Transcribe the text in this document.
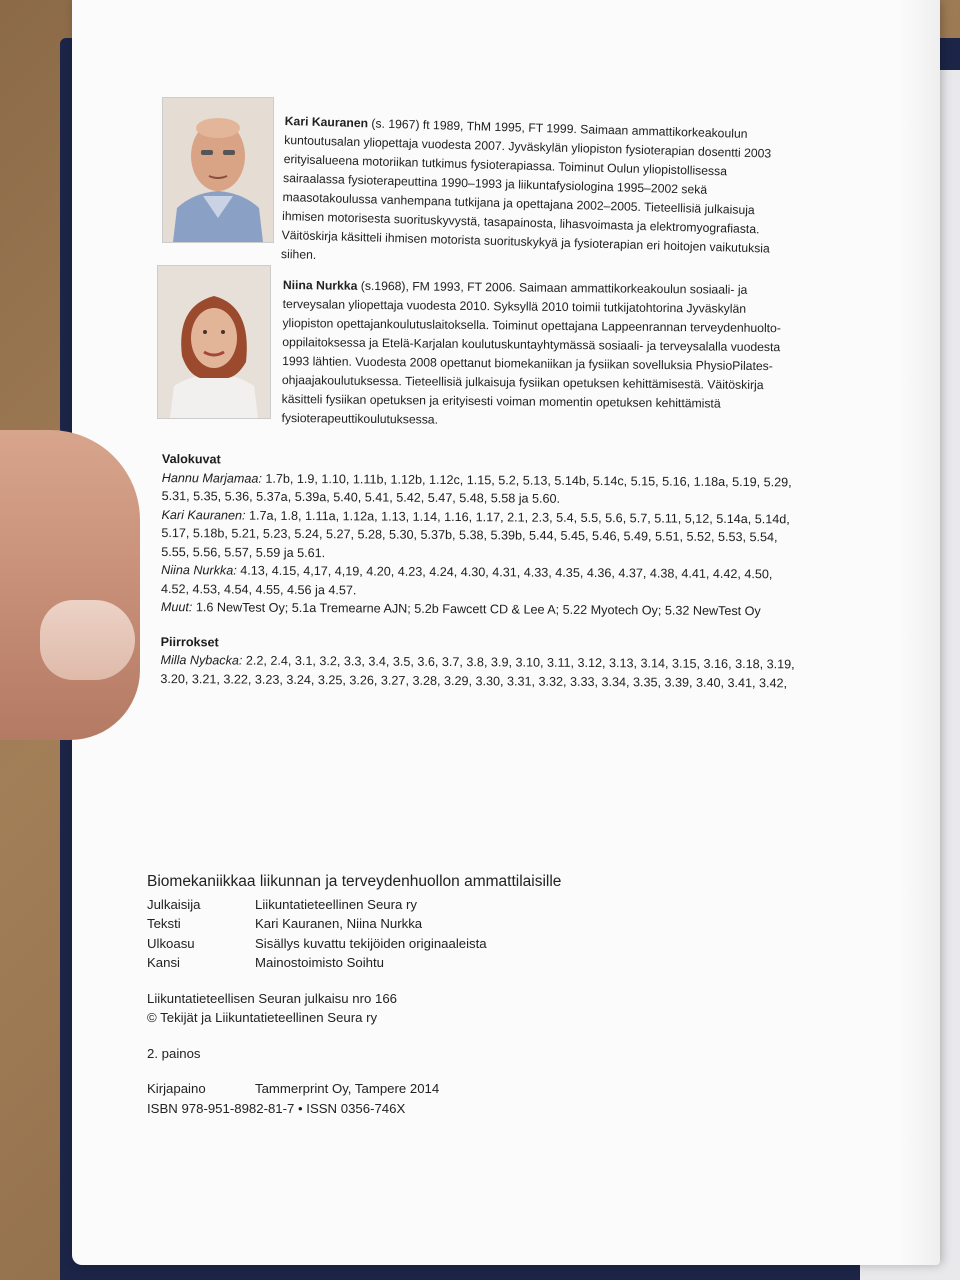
Kari Kauranen (s. 1967) ft 1989, ThM 1995, FT 1999. Saimaan ammattikorkeakoulun kuntoutusalan yliopettaja vuodesta 2007. Jyväskylän yliopiston fysioterapian dosentti 2003 erityisalueena motoriikan tutkimus fysioterapiassa. Toiminut Oulun yliopistollisessa sairaalassa fysioterapeuttina 1990–1993 ja liikuntafysiologina 1995–2002 sekä maasotakoulussa vanhempana tutkijana ja opettajana 2002–2005. Tieteellisiä julkaisuja ihmisen motorisesta suorituskyvystä, tasapainosta, lihasvoimasta ja elektromyografiasta. Väitöskirja käsitteli ihmisen motorista suorituskykyä ja fysioterapian eri hoitojen vaikutuksia siihen.
Niina Nurkka (s.1968), FM 1993, FT 2006. Saimaan ammattikorkeakoulun sosiaali- ja terveysalan yliopettaja vuodesta 2010. Syksyllä 2010 toimii tutkijatohtorina Jyväskylän yliopiston opettajankoulutuslaitoksella. Toiminut opettajana Lappeenrannan terveydenhuolto-oppilaitoksessa ja Etelä-Karjalan koulutuskuntayhtymässä sosiaali- ja terveysalalla vuodesta 1993 lähtien. Vuodesta 2008 opettanut biomekaniikan ja fysiikan sovelluksia PhysioPilates-ohjaajakoulutuksessa. Tieteellisiä julkaisuja fysiikan opetuksen kehittämisestä. Väitöskirja käsitteli fysiikan opetuksen ja erityisesti voiman momentin opetuksen kehittämistä fysioterapeuttikoulutuksessa.
Valokuvat
Hannu Marjamaa: 1.7b, 1.9, 1.10, 1.11b, 1.12b, 1.12c, 1.15, 5.2, 5.13, 5.14b, 5.14c, 5.15, 5.16, 1.18a, 5.19, 5.29, 5.31, 5.35, 5.36, 5.37a, 5.39a, 5.40, 5.41, 5.42, 5.47, 5.48, 5.58 ja 5.60.
Kari Kauranen: 1.7a, 1.8, 1.11a, 1.12a, 1.13, 1.14, 1.16, 1.17, 2.1, 2.3, 5.4, 5.5, 5.6, 5.7, 5.11, 5,12, 5.14a, 5.14d, 5.17, 5.18b, 5.21, 5.23, 5.24, 5.27, 5.28, 5.30, 5.37b, 5.38, 5.39b, 5.44, 5.45, 5.46, 5.49, 5.51, 5.52, 5.53, 5.54, 5.55, 5.56, 5.57, 5.59 ja 5.61.
Niina Nurkka: 4.13, 4.15, 4,17, 4,19, 4.20, 4.23, 4.24, 4.30, 4.31, 4.33, 4.35, 4.36, 4.37, 4.38, 4.41, 4.42, 4.50, 4.52, 4.53, 4.54, 4.55, 4.56 ja 4.57.
Muut: 1.6 NewTest Oy; 5.1a Tremearne AJN; 5.2b Fawcett CD & Lee A; 5.22 Myotech Oy; 5.32 NewTest Oy
Piirrokset
Milla Nybacka: 2.2, 2.4, 3.1, 3.2, 3.3, 3.4, 3.5, 3.6, 3.7, 3.8, 3.9, 3.10, 3.11, 3.12, 3.13, 3.14, 3.15, 3.16, 3.18, 3.19, 3.20, 3.21, 3.22, 3.23, 3.24, 3.25, 3.26, 3.27, 3.28, 3.29, 3.30, 3.31, 3.32, 3.33, 3.34, 3.35, 3.39, 3.40, 3.41, 3.42,
Biomekaniikkaa liikunnan ja terveydenhuollon ammattilaisille
Julkaisija	Liikuntatieteellinen Seura ry
Teksti	Kari Kauranen, Niina Nurkka
Ulkoasu	Sisällys kuvattu tekijöiden originaaleista
Kansi	Mainostoimisto Soihtu
Liikuntatieteellisen Seuran julkaisu nro 166
© Tekijät ja Liikuntatieteellinen Seura ry
2. painos
Kirjapaino	Tammerprint Oy, Tampere 2014
ISBN 978-951-8982-81-7 • ISSN 0356-746X
